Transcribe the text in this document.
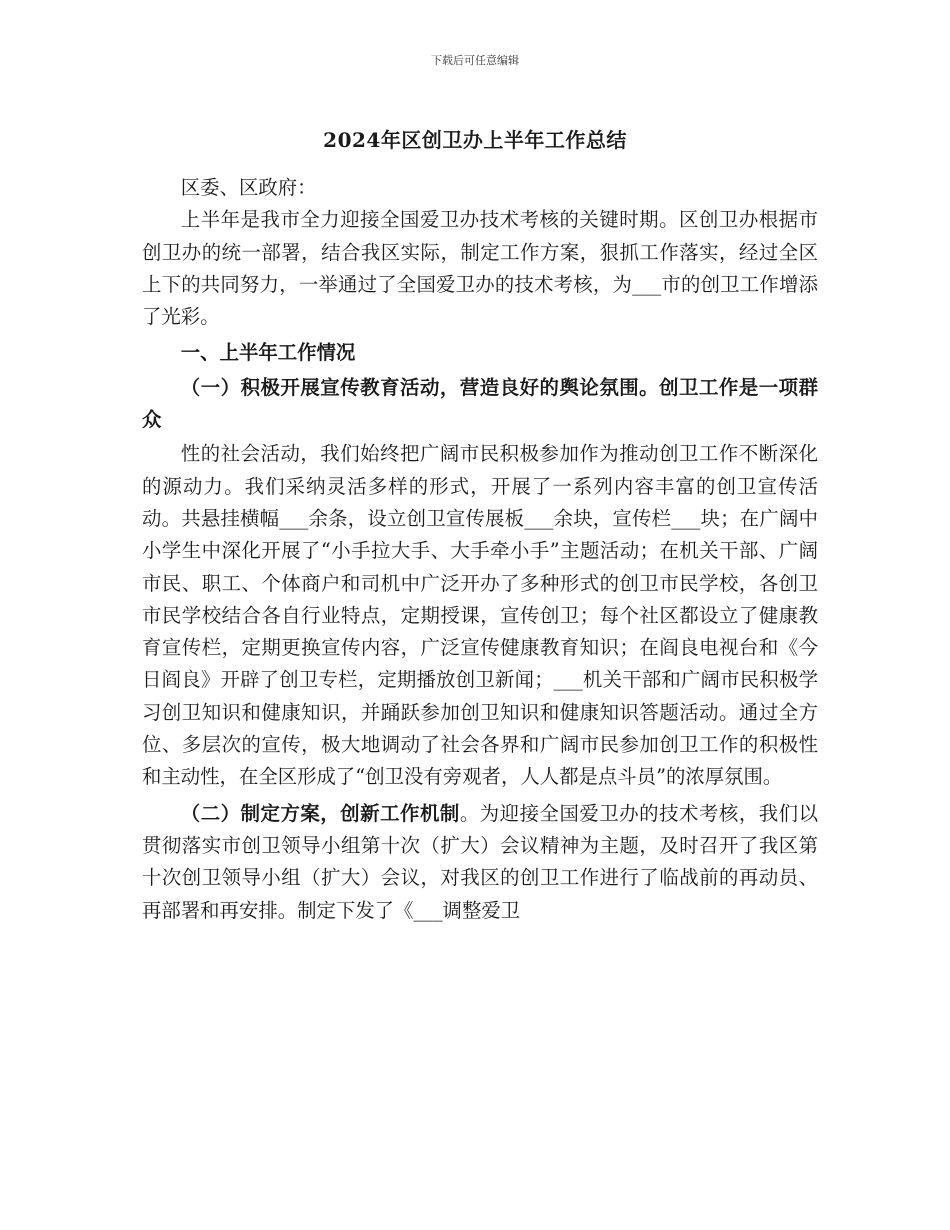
下载后可任意编辑
2024年区创卫办上半年工作总结

区委、区政府：

上半年是我市全力迎接全国爱卫办技术考核的关键时期。区创卫办根据市创卫办的统一部署，结合我区实际，制定工作方案，狠抓工作落实，经过全区上下的共同努力，一举通过了全国爱卫办的技术考核，为___市的创卫工作增添了光彩。

一、上半年工作情况

（一）积极开展宣传教育活动，营造良好的舆论氛围。创卫工作是一项群众

性的社会活动，我们始终把广阔市民积极参加作为推动创卫工作不断深化的源动力。我们采纳灵活多样的形式，开展了一系列内容丰富的创卫宣传活动。共悬挂横幅___余条，设立创卫宣传展板___余块，宣传栏___块；在广阔中小学生中深化开展了“小手拉大手、大手牵小手”主题活动；在机关干部、广阔市民、职工、个体商户和司机中广泛开办了多种形式的创卫市民学校，各创卫市民学校结合各自行业特点，定期授课，宣传创卫；每个社区都设立了健康教育宣传栏，定期更换宣传内容，广泛宣传健康教育知识；在阎良电视台和《今日阎良》开辟了创卫专栏，定期播放创卫新闻；___机关干部和广阔市民积极学习创卫知识和健康知识，并踊跃参加创卫知识和健康知识答题活动。通过全方位、多层次的宣传，极大地调动了社会各界和广阔市民参加创卫工作的积极性和主动性，在全区形成了“创卫没有旁观者，人人都是点斗员”的浓厚氛围。

（二）制定方案，创新工作机制。为迎接全国爱卫办的技术考核，我们以贯彻落实市创卫领导小组第十次（扩大）会议精神为主题，及时召开了我区第十次创卫领导小组（扩大）会议，对我区的创卫工作进行了临战前的再动员、再部署和再安排。制定下发了《___调整爱卫
